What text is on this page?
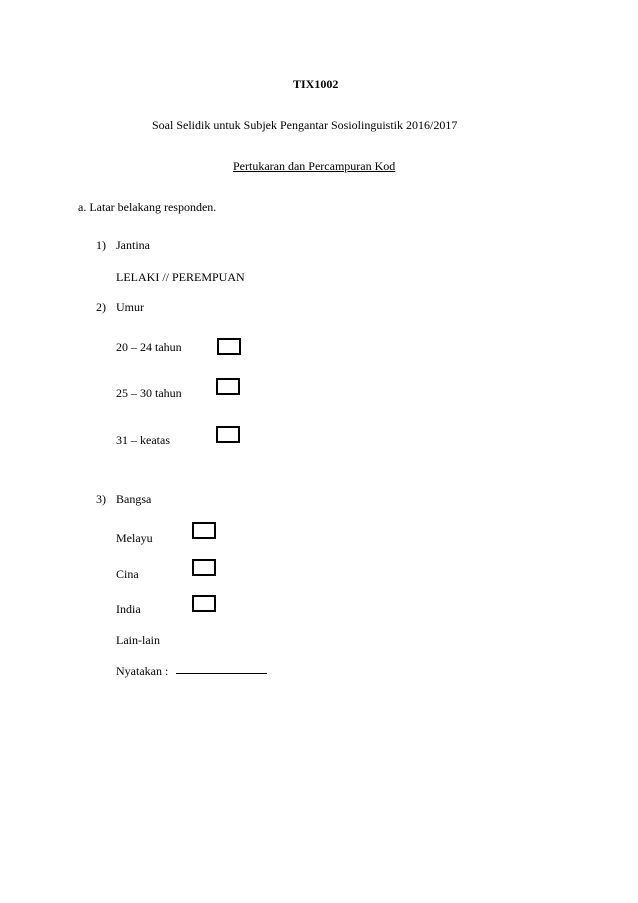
TIX1002
Soal Selidik untuk Subjek Pengantar Sosiolinguistik 2016/2017
Pertukaran dan Percampuran Kod
a. Latar belakang responden.
1) Jantina
LELAKI // PEREMPUAN
2) Umur
20 – 24 tahun
25 – 30 tahun
31 – keatas
3) Bangsa
Melayu
Cina
India
Lain-lain
Nyatakan :
